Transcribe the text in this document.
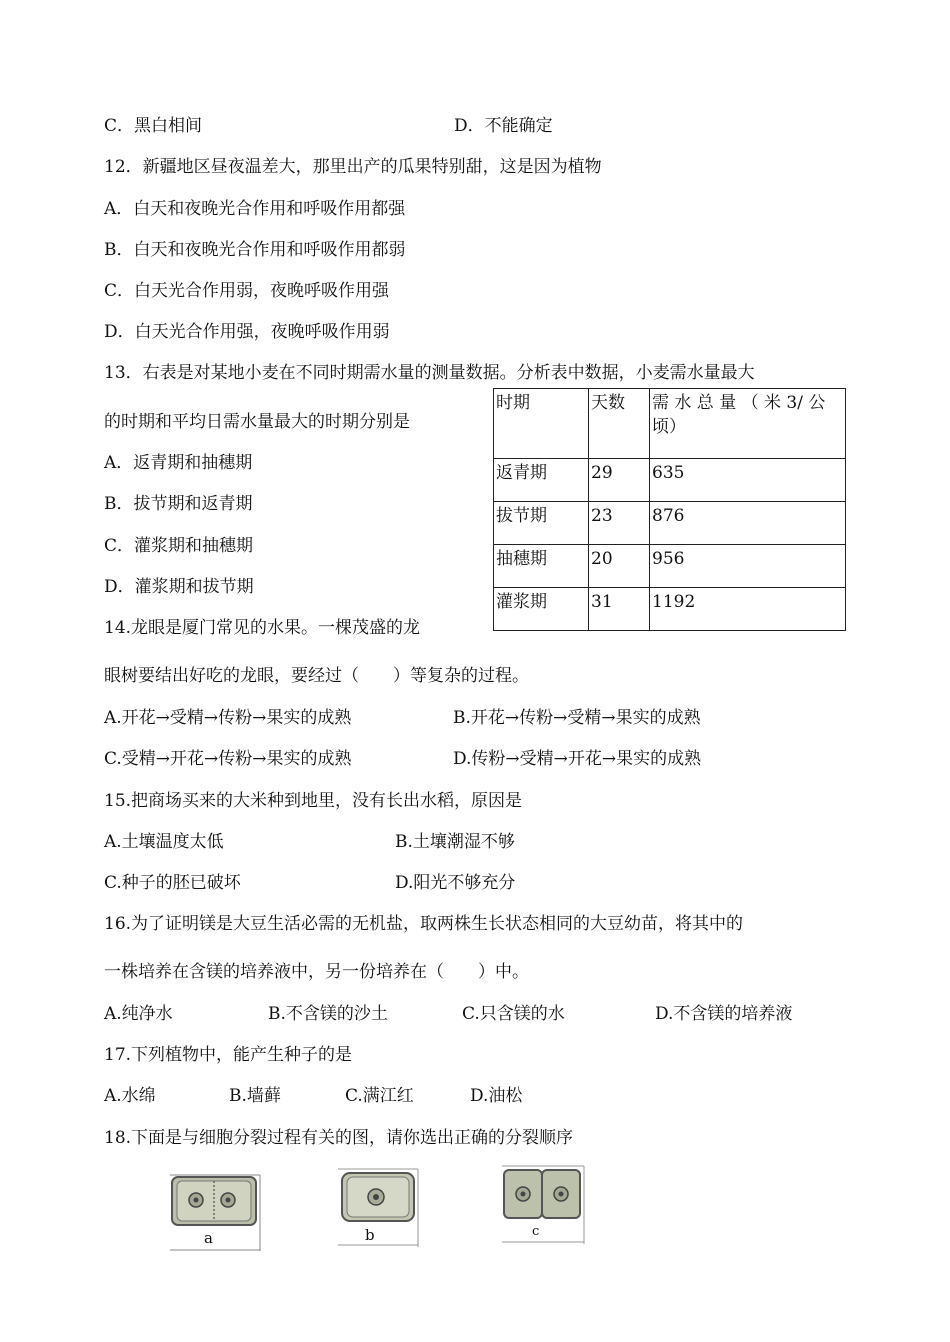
C．黑白相间	D．不能确定
12．新疆地区昼夜温差大，那里出产的瓜果特别甜，这是因为植物
A．白天和夜晚光合作用和呼吸作用都强
B．白天和夜晚光合作用和呼吸作用都弱
C．白天光合作用弱，夜晚呼吸作用强
D．白天光合作用强，夜晚呼吸作用弱
13．右表是对某地小麦在不同时期需水量的测量数据。分析表中数据，小麦需水量最大
的时期和平均日需水量最大的时期分别是
A．返青期和抽穗期
B．拔节期和返青期
C．灌浆期和抽穗期
D．灌浆期和拔节期
时期	天数	需 水 总 量 （ 米 3/ 公 顷）
返青期	29	635
拔节期	23	876
抽穗期	20	956
灌浆期	31	1192
14.龙眼是厦门常见的水果。一棵茂盛的龙
眼树要结出好吃的龙眼，要经过（　　）等复杂的过程。
A.开花→受精→传粉→果实的成熟	B.开花→传粉→受精→果实的成熟
C.受精→开花→传粉→果实的成熟	D.传粉→受精→开花→果实的成熟
15.把商场买来的大米种到地里，没有长出水稻，原因是
A.土壤温度太低	B.土壤潮湿不够
C.种子的胚已破坏	D.阳光不够充分
16.为了证明镁是大豆生活必需的无机盐，取两株生长状态相同的大豆幼苗，将其中的
一株培养在含镁的培养液中，另一份培养在（　　）中。
A.纯净水	B.不含镁的沙土	C.只含镁的水	D.不含镁的培养液
17.下列植物中，能产生种子的是
A.水绵	B.墙藓	C.满江红	D.油松
18.下面是与细胞分裂过程有关的图，请你选出正确的分裂顺序
a	b	c
